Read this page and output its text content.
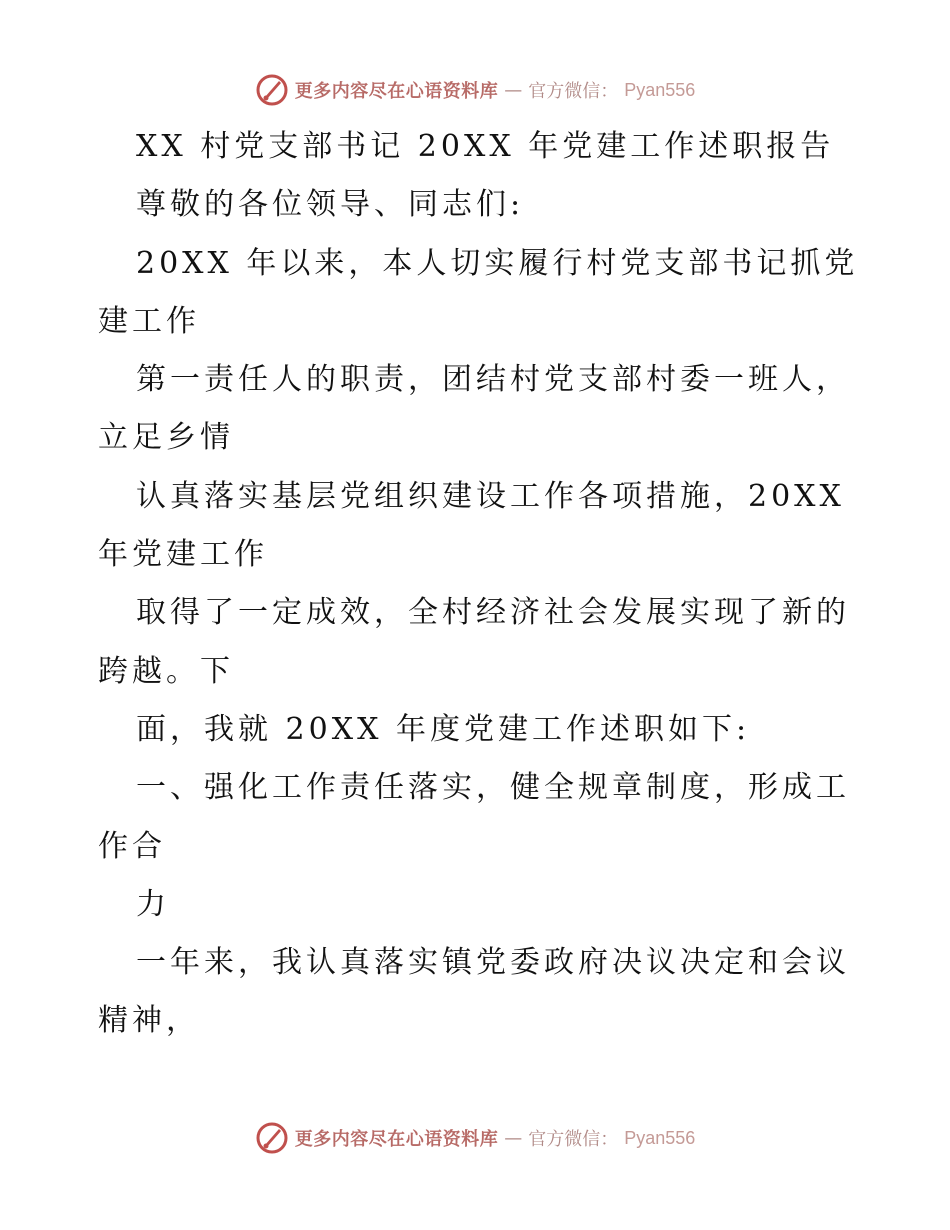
更多内容尽在心语资料库 — 官方微信： Pyan556
XX 村党支部书记 20XX 年党建工作述职报告
尊敬的各位领导、同志们:
20XX 年以来，本人切实履行村党支部书记抓党
建工作
第一责任人的职责，团结村党支部村委一班人，
立足乡情
认真落实基层党组织建设工作各项措施，20XX
年党建工作
取得了一定成效，全村经济社会发展实现了新的
跨越。下
面，我就 20XX 年度党建工作述职如下:
一、强化工作责任落实，健全规章制度，形成工
作合
力
一年来，我认真落实镇党委政府决议决定和会议
精神，
更多内容尽在心语资料库 — 官方微信： Pyan556
